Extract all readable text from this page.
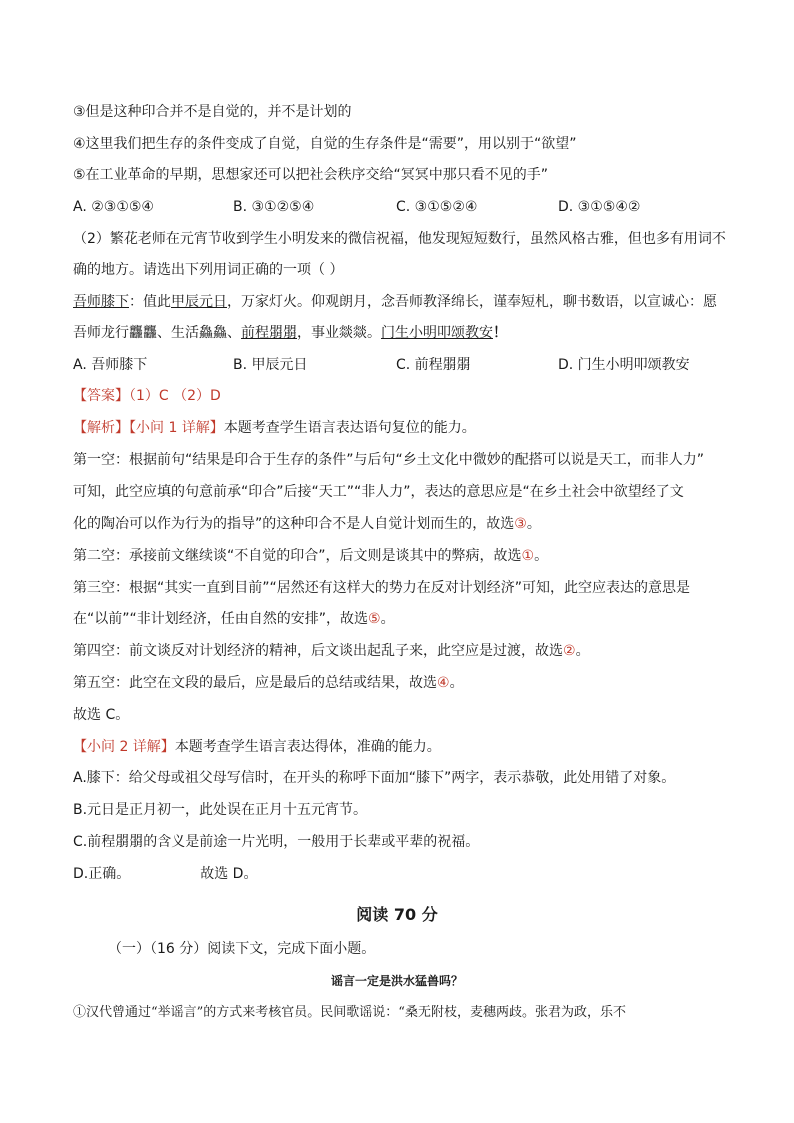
③但是这种印合并不是自觉的，并不是计划的
④这里我们把生存的条件变成了自觉，自觉的生存条件是“需要”，用以别于“欲望”
⑤在工业革命的早期，思想家还可以把社会秩序交给“冥冥中那只看不见的手”
A. ②③①⑤④	B. ③①②⑤④	C. ③①⑤②④	D. ③①⑤④②
（2）繁花老师在元宵节收到学生小明发来的微信祝福，他发现短短数行，虽然风格古雅，但也多有用词不
确的地方。请选出下列用词正确的一项（ ）
吾师膝下：值此甲辰元日，万家灯火。仰观朗月，念吾师教泽绵长，谨奉短札，聊书数语，以宣诚心：愿
吾师龙行龘龘、生活鱻鱻、前程朤朤，事业燚燚。门生小明叩颂教安！
A. 吾师膝下	B. 甲辰元日	C. 前程朤朤	D. 门生小明叩颂教安
【答案】（1）C （2）D
【解析】【小问 1 详解】本题考查学生语言表达语句复位的能力。
第一空：根据前句“结果是印合于生存的条件”与后句“乡土文化中微妙的配搭可以说是天工，而非人力”
可知，此空应填的句意前承“印合”后接“天工”“非人力”，表达的意思应是“在乡土社会中欲望经了文
化的陶冶可以作为行为的指导”的这种印合不是人自觉计划而生的，故选③。
第二空：承接前文继续谈“不自觉的印合”，后文则是谈其中的弊病，故选①。
第三空：根据“其实一直到目前”“居然还有这样大的势力在反对计划经济”可知，此空应表达的意思是
在“以前”“非计划经济，任由自然的安排”，故选⑤。
第四空：前文谈反对计划经济的精神，后文谈出起乱子来，此空应是过渡，故选②。
第五空：此空在文段的最后，应是最后的总结或结果，故选④。
故选 C。
【小问 2 详解】本题考查学生语言表达得体，准确的能力。
A.膝下：给父母或祖父母写信时，在开头的称呼下面加“膝下”两字，表示恭敬，此处用错了对象。
B.元日是正月初一，此处误在正月十五元宵节。
C.前程朤朤的含义是前途一片光明，一般用于长辈或平辈的祝福。
D.正确。	故选 D。
阅读 70 分
（一）（16 分）阅读下文，完成下面小题。
谣言一定是洪水猛兽吗？
①汉代曾通过“举谣言”的方式来考核官员。民间歌谣说：“桑无附枝，麦穗两歧。张君为政，乐不
